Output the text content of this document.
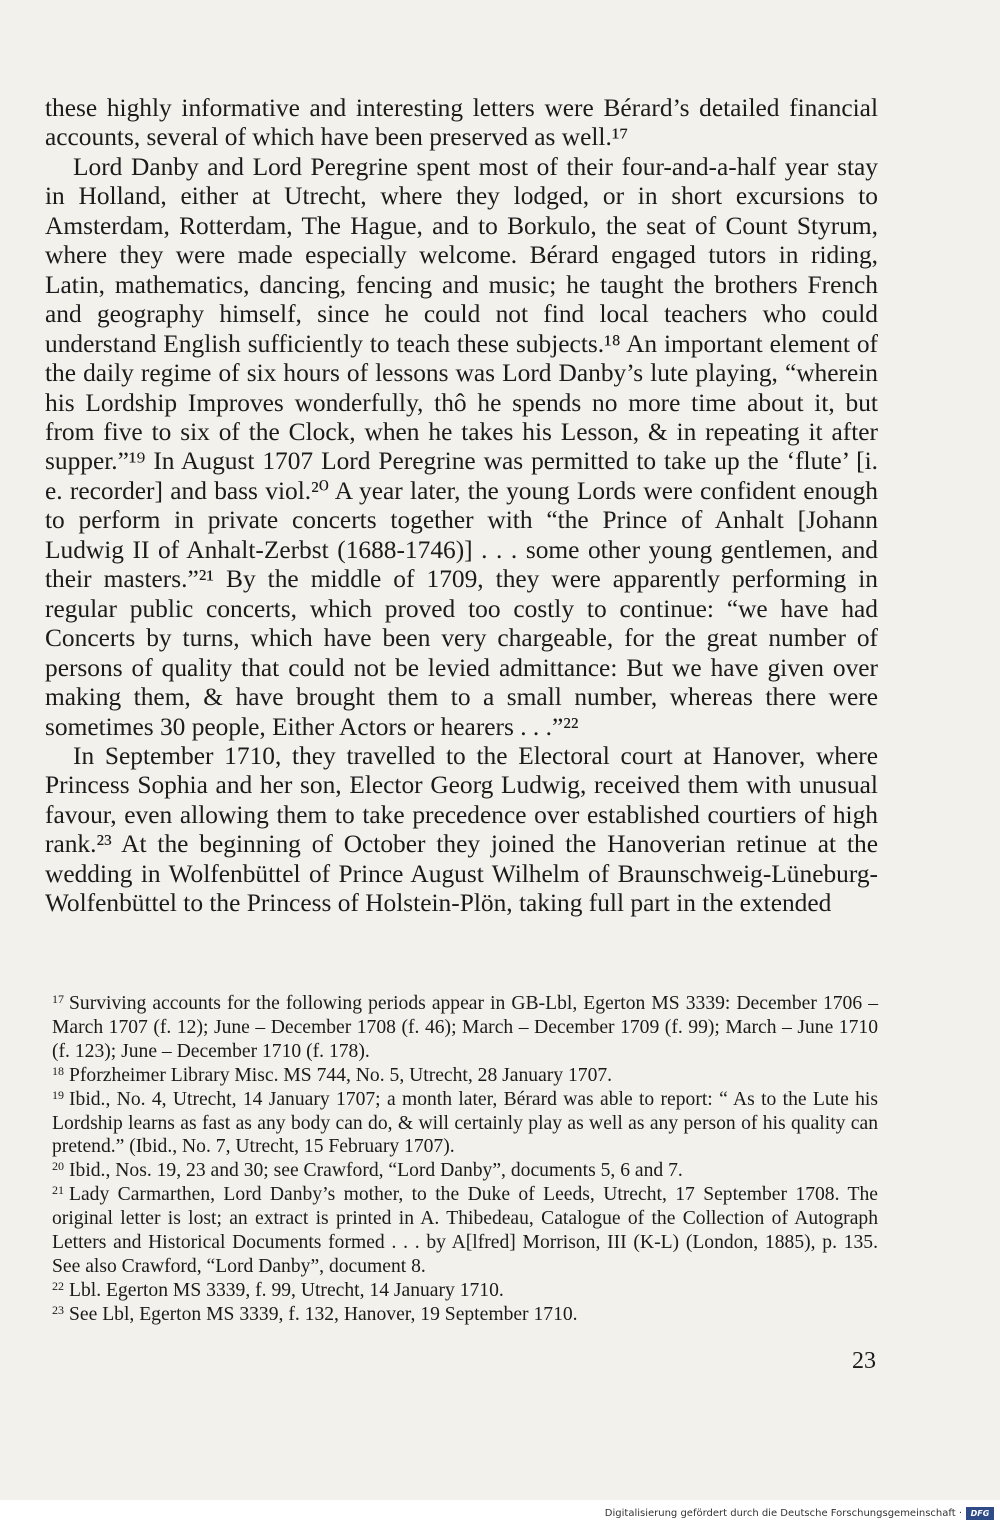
these highly informative and interesting letters were Bérard’s detailed financial accounts, several of which have been preserved as well.¹⁷

Lord Danby and Lord Peregrine spent most of their four-and-a-half year stay in Holland, either at Utrecht, where they lodged, or in short excursions to Amsterdam, Rotterdam, The Hague, and to Borkulo, the seat of Count Styrum, where they were made especially welcome. Bérard engaged tutors in riding, Latin, mathematics, dancing, fencing and music; he taught the brothers French and geography himself, since he could not find local teachers who could understand English sufficiently to teach these subjects.¹⁸ An important element of the daily regime of six hours of lessons was Lord Danby’s lute playing, “wherein his Lordship Improves wonderfully, thô he spends no more time about it, but from five to six of the Clock, when he takes his Lesson, & in repeating it after supper.”¹⁹ In August 1707 Lord Peregrine was permitted to take up the ‘flute’ [i. e. recorder] and bass viol.²⁰ A year later, the young Lords were confident enough to perform in private concerts together with “the Prince of Anhalt [Johann Ludwig II of Anhalt-Zerbst (1688-1746)] . . . some other young gentlemen, and their masters.”²¹ By the middle of 1709, they were apparently performing in regular public concerts, which proved too costly to continue: “we have had Concerts by turns, which have been very chargeable, for the great number of persons of quality that could not be levied admittance: But we have given over making them, & have brought them to a small number, whereas there were sometimes 30 people, Either Actors or hearers . . .”²²

In September 1710, they travelled to the Electoral court at Hanover, where Princess Sophia and her son, Elector Georg Ludwig, received them with unusual favour, even allowing them to take precedence over established courtiers of high rank.²³ At the beginning of October they joined the Hanoverian retinue at the wedding in Wolfenbüttel of Prince August Wilhelm of Braunschweig-Lüneburg-Wolfenbüttel to the Princess of Holstein-Plön, taking full part in the extended

$^{17}$ Surviving accounts for the following periods appear in GB-Lbl, Egerton MS 3339: December 1706 – March 1707 (f. 12); June – December 1708 (f. 46); March – December 1709 (f. 99); March – June 1710 (f. 123); June – December 1710 (f. 178).

$^{18}$ Pforzheimer Library Misc. MS 744, No. 5, Utrecht, 28 January 1707.

$^{19}$ Ibid., No. 4, Utrecht, 14 January 1707; a month later, Bérard was able to report: “ As to the Lute his Lordship learns as fast as any body can do, & will certainly play as well as any person of his quality can pretend.” (Ibid., No. 7, Utrecht, 15 February 1707).

$^{20}$ Ibid., Nos. 19, 23 and 30; see Crawford, “Lord Danby”, documents 5, 6 and 7.

$^{21}$ Lady Carmarthen, Lord Danby’s mother, to the Duke of Leeds, Utrecht, 17 September 1708. The original letter is lost; an extract is printed in A. Thibedeau, Catalogue of the Collection of Autograph Letters and Historical Documents formed . . . by A[lfred] Morrison, III (K-L) (London, 1885), p. 135. See also Crawford, “Lord Danby”, document 8.

$^{22}$ Lbl. Egerton MS 3339, f. 99, Utrecht, 14 January 1710.

$^{23}$ See Lbl, Egerton MS 3339, f. 132, Hanover, 19 September 1710.

23
Digitalisierung gefördert durch die Deutsche Forschungsgemeinschaft ·	DFG
